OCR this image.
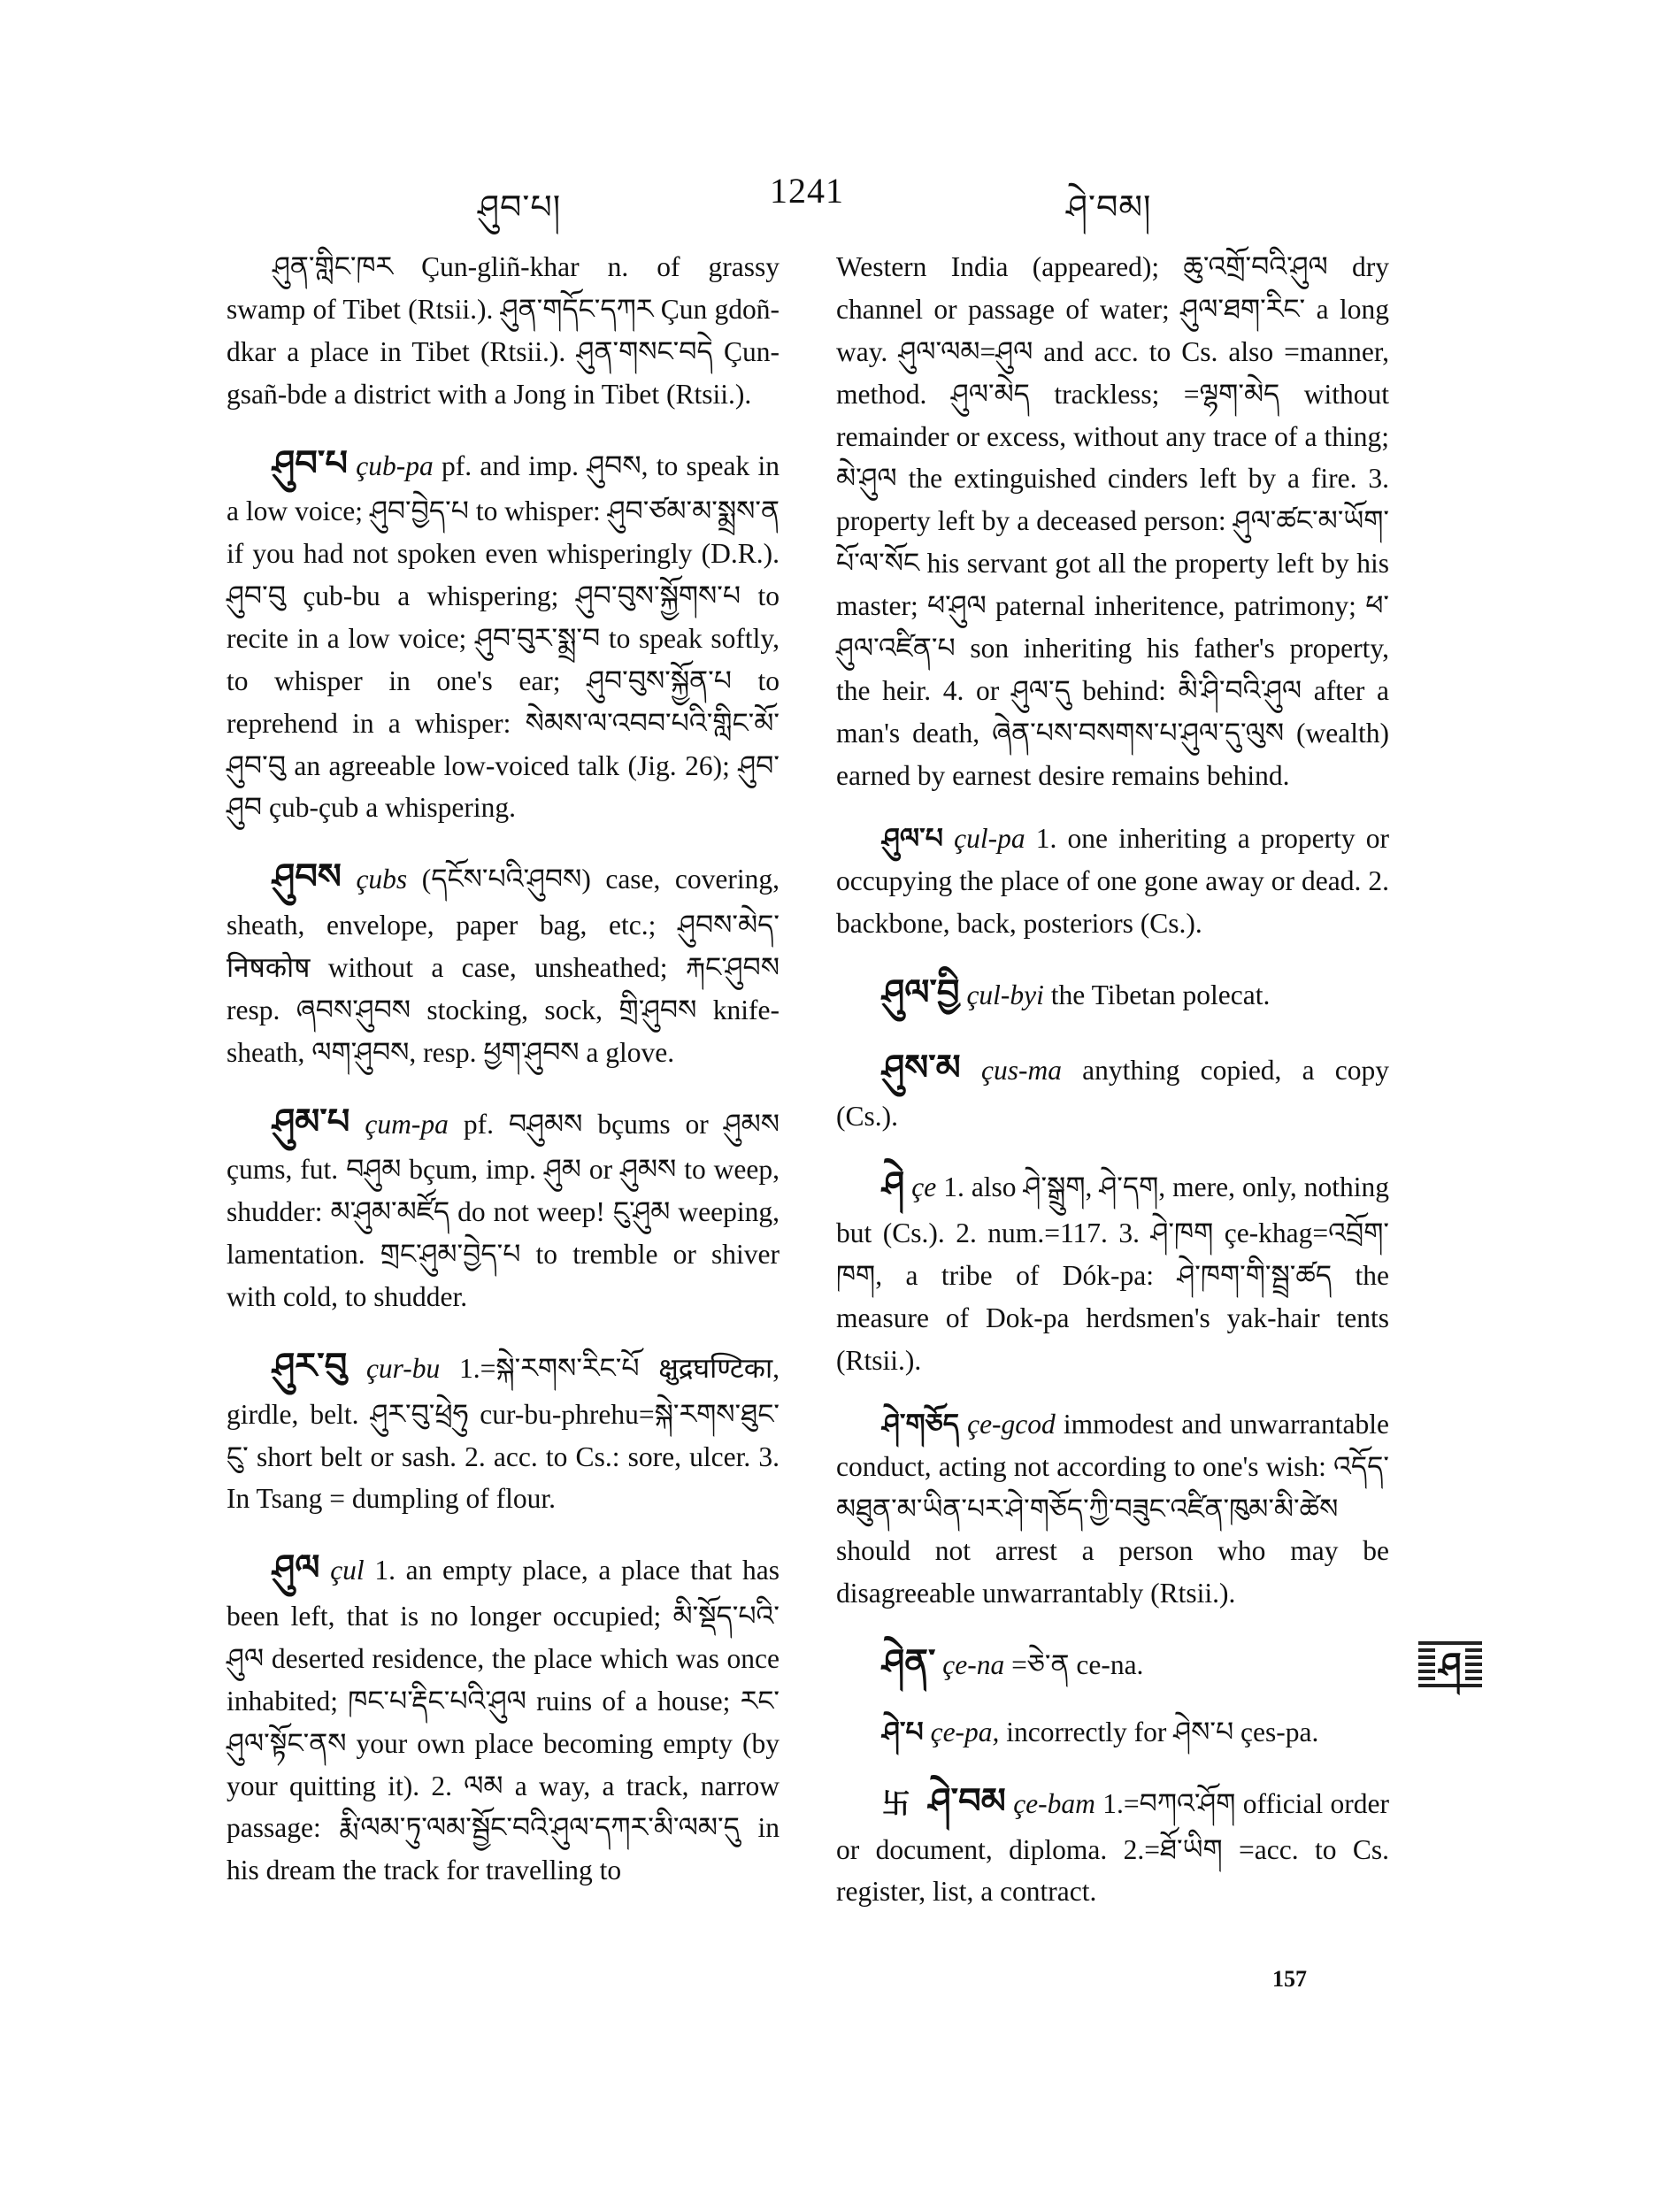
ཤུབ་པ།	1241	ཤེ་བམ།

ཤུན་གླིང་ཁར Çun-gliñ-khar n. of grassy swamp of Tibet (Rtsii.). ཤུན་གདོང་དཀར Çun gdoñ-dkar a place in Tibet (Rtsii.). ཤུན་གསང་བདེ Çun-gsañ-bde a district with a Jong in Tibet (Rtsii.).

ཤུབ་པ çub-pa pf. and imp. ཤུབས, to speak in a low voice; ཤུབ་བྱེད་པ to whisper: ཤུབ་ཙམ་མ་སྨྲས་ན if you had not spoken even whisperingly (D.R.). ཤུབ་བུ çub-bu a whispering; ཤུབ་བུས་སྐྱོགས་པ to recite in a low voice; ཤུབ་བུར་སྨྲ་བ to speak softly, to whisper in one's ear; ཤུབ་བུས་སྐྱོན་པ to reprehend in a whisper: སེམས་ལ་འབབ་པའི་གླིང་མོ་ཤུབ་བུ an agreeable low-voiced talk (Jig. 26); ཤུབ་ཤུབ çub-çub a whispering.

ཤུབས çubs (དངོས་པའི་ཤུབས) case, covering, sheath, envelope, paper bag, etc.; ཤུབས་མེད་निषकोष without a case, unsheathed; རྐང་ཤུབས resp. ཞབས་ཤུབས stocking, sock, གྲི་ཤུབས knife-sheath, ལག་ཤུབས, resp. ཕྱག་ཤུབས a glove.

ཤུམ་པ çum-pa pf. བཤུམས bçums or ཤུམས çums, fut. བཤུམ bçum, imp. ཤུམ or ཤུམས to weep, shudder: མ་ཤུམ་མཛོད do not weep! ངུ་ཤུམ weeping, lamentation. གྲང་ཤུམ་བྱེད་པ to tremble or shiver with cold, to shudder.

ཤུར་བུ çur-bu 1.=སྐེ་རགས་རིང་པོ क्षुद्रघण्टिका, girdle, belt. ཤུར་བུ་ཕྲེཧུ cur-bu-phrehu=སྐེ་རགས་ཐུང་ངུ་ short belt or sash. 2. acc. to Cs.: sore, ulcer. 3. In Tsang = dumpling of flour.

ཤུལ çul 1. an empty place, a place that has been left, that is no longer occupied; མི་སྡོད་པའི་ཤུལ deserted residence, the place which was once inhabited; ཁང་པ་རྡིང་པའི་ཤུལ ruins of a house; རང་ཤུལ་སྟོང་ནས your own place becoming empty (by your quitting it). 2. ལམ a way, a track, narrow passage: རྨི་ལམ་ཏུ་ལམ་སྦྱོང་བའི་ཤུལ་དཀར་མི་ལམ་དུ in his dream the track for travelling to

Western India (appeared); ཆུ་འགྲོ་བའི་ཤུལ dry channel or passage of water; ཤུལ་ཐག་རིང་ a long way. ཤུལ་ལམ=ཤུལ and acc. to Cs. also =manner, method. ཤུལ་མེད trackless; =ལྷག་མེད without remainder or excess, without any trace of a thing; མེ་ཤུལ the extinguished cinders left by a fire. 3. property left by a deceased person: ཤུལ་ཚང་མ་ཡོག་པོ་ལ་སོང his servant got all the property left by his master; ཕ་ཤུལ paternal inheritence, patrimony; ཕ་ཤུལ་འཛིན་པ son inheriting his father's property, the heir. 4. or ཤུལ་དུ behind: མི་ཤི་བའི་ཤུལ after a man's death, ཞེན་པས་བསགས་པ་ཤུལ་དུ་ལུས (wealth) earned by earnest desire remains behind.

ཤུལ་པ çul-pa 1. one inheriting a property or occupying the place of one gone away or dead. 2. backbone, back, posteriors (Cs.).

ཤུལ་བྱི çul-byi the Tibetan polecat.

ཤུས་མ çus-ma anything copied, a copy (Cs.).

ཤེ çe 1. also ཤེ་སྒྲུག, ཤེ་དག, mere, only, nothing but (Cs.). 2. num.=117. 3. ཤེ་ཁག çe-khag=འབྲོག་ཁག, a tribe of Dók-pa: ཤེ་ཁག་གི་སྦྲ་ཚད the measure of Dok-pa herdsmen's yak-hair tents (Rtsii.).

ཤེ་གཅོད çe-gcod immodest and unwarrantable conduct, acting not according to one's wish: འདོད་མཐུན་མ་ཡིན་པར་ཤེ་གཅོད་ཀྱི་བཟུང་འཛིན་ཁུམ་མི་ཚེས should not arrest a person who may be disagreeable unwarrantably (Rtsii.).

ཤེན་ çe-na =ཅེ་ན ce-na.

ཤེ་པ çe-pa, incorrectly for ཤེས་པ çes-pa.

卐 ཤེ་བམ çe-bam 1.=བཀའ་ཤོག official order or document, diploma. 2.=ཐོ་ཡིག =acc. to Cs. register, list, a contract.

ཤ
157
